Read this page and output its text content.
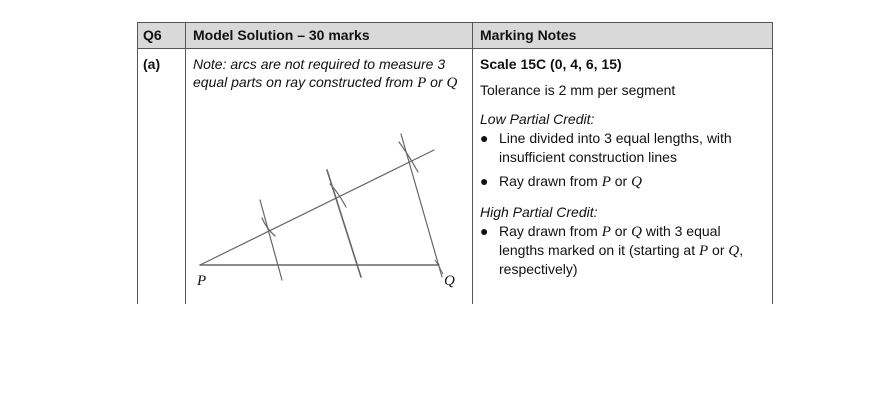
Q6 Model Solution – 30 marks	Marking Notes
(a) Note: arcs are not required to measure 3
equal parts on ray constructed from P or Q
P	Q
Scale 15C (0, 4, 6, 15)
Tolerance is 2 mm per segment
Low Partial Credit:
● Line divided into 3 equal lengths, with
insufficient construction lines
● Ray drawn from P or Q
High Partial Credit:
● Ray drawn from P or Q with 3 equal
lengths marked on it (starting at P or Q,
respectively)
